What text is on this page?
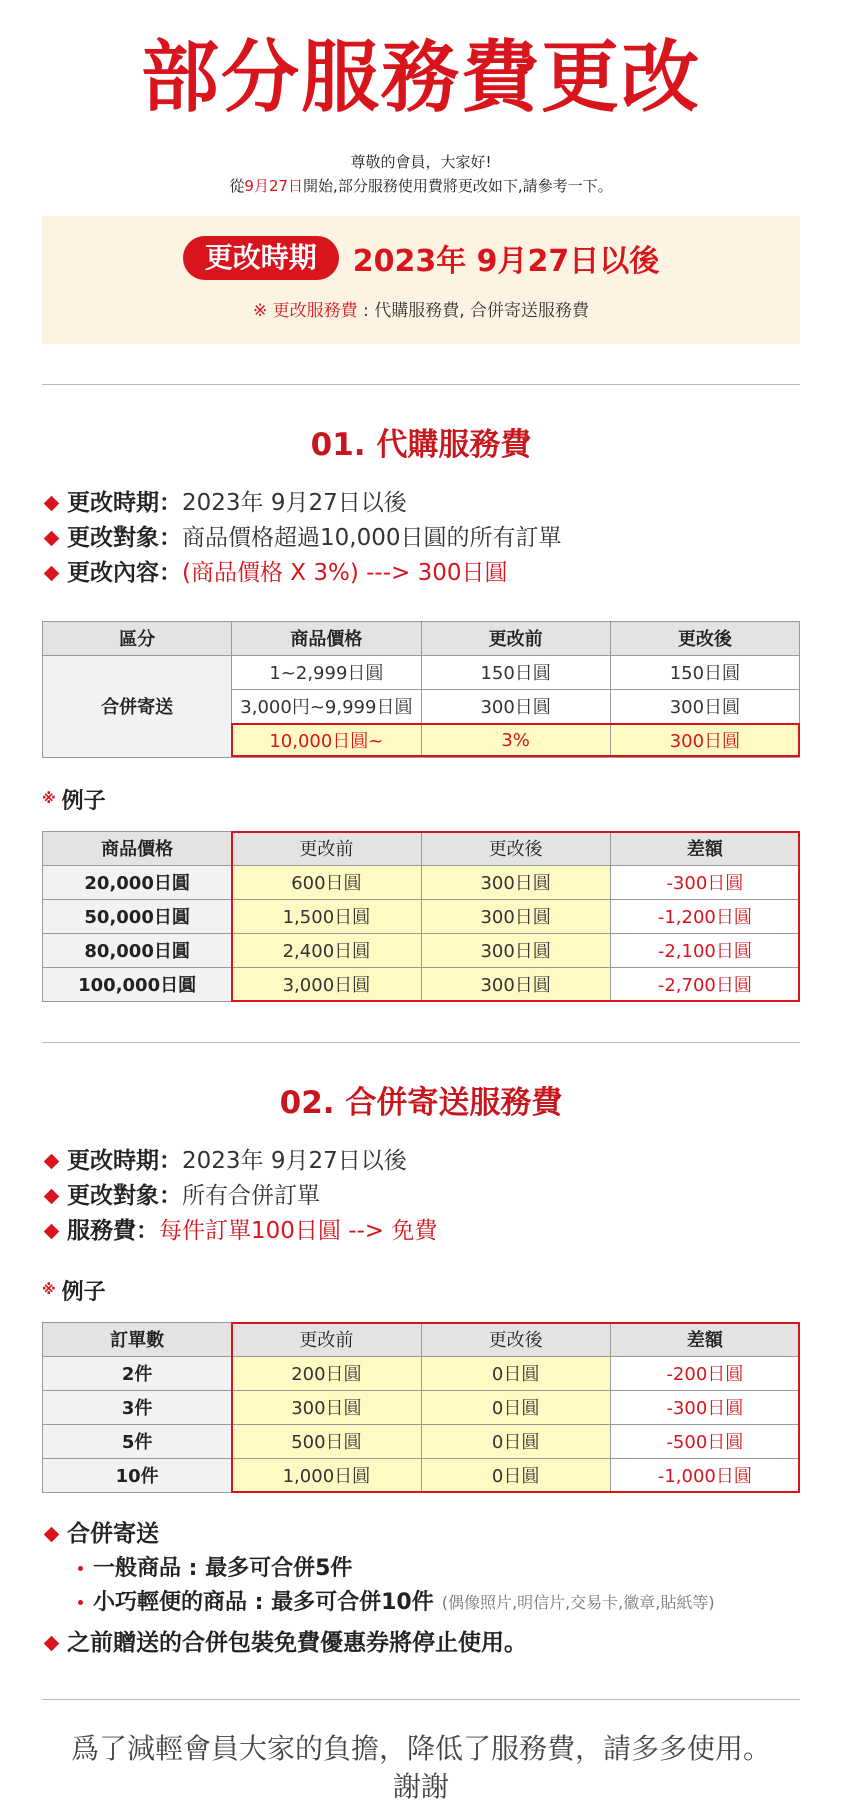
部分服務費更改
尊敬的會員，大家好!
從9月27日開始,部分服務使用費將更改如下,請參考一下。
更改時期	2023年 9月27日以後
※ 更改服務費 : 代購服務費, 合併寄送服務費
01. 代購服務費
更改時期： 2023年 9月27日以後
更改對象： 商品價格超過10,000日圓的所有訂單
更改內容： (商品價格 X 3%) ---> 300日圓
區分	商品價格	更改前	更改後
合併寄送	1~2,999日圓	150日圓	150日圓
	3,000円~9,999日圓	300日圓	300日圓
	10,000日圓~	3%	300日圓
※ 例子
商品價格	更改前	更改後	差額
20,000日圓	600日圓	300日圓	-300日圓
50,000日圓	1,500日圓	300日圓	-1,200日圓
80,000日圓	2,400日圓	300日圓	-2,100日圓
100,000日圓	3,000日圓	300日圓	-2,700日圓
02. 合併寄送服務費
更改時期： 2023年 9月27日以後
更改對象： 所有合併訂單
服務費： 每件訂單100日圓 --> 免費
※ 例子
訂單數	更改前	更改後	差額
2件	200日圓	0日圓	-200日圓
3件	300日圓	0日圓	-300日圓
5件	500日圓	0日圓	-500日圓
10件	1,000日圓	0日圓	-1,000日圓
合併寄送
一般商品 : 最多可合併5件
小巧輕便的商品 : 最多可合併10件 (偶像照片,明信片,交易卡,徽章,貼紙等)
之前贈送的合併包裝免費優惠券將停止使用。
爲了減輕會員大家的負擔，降低了服務費，請多多使用。
謝謝
